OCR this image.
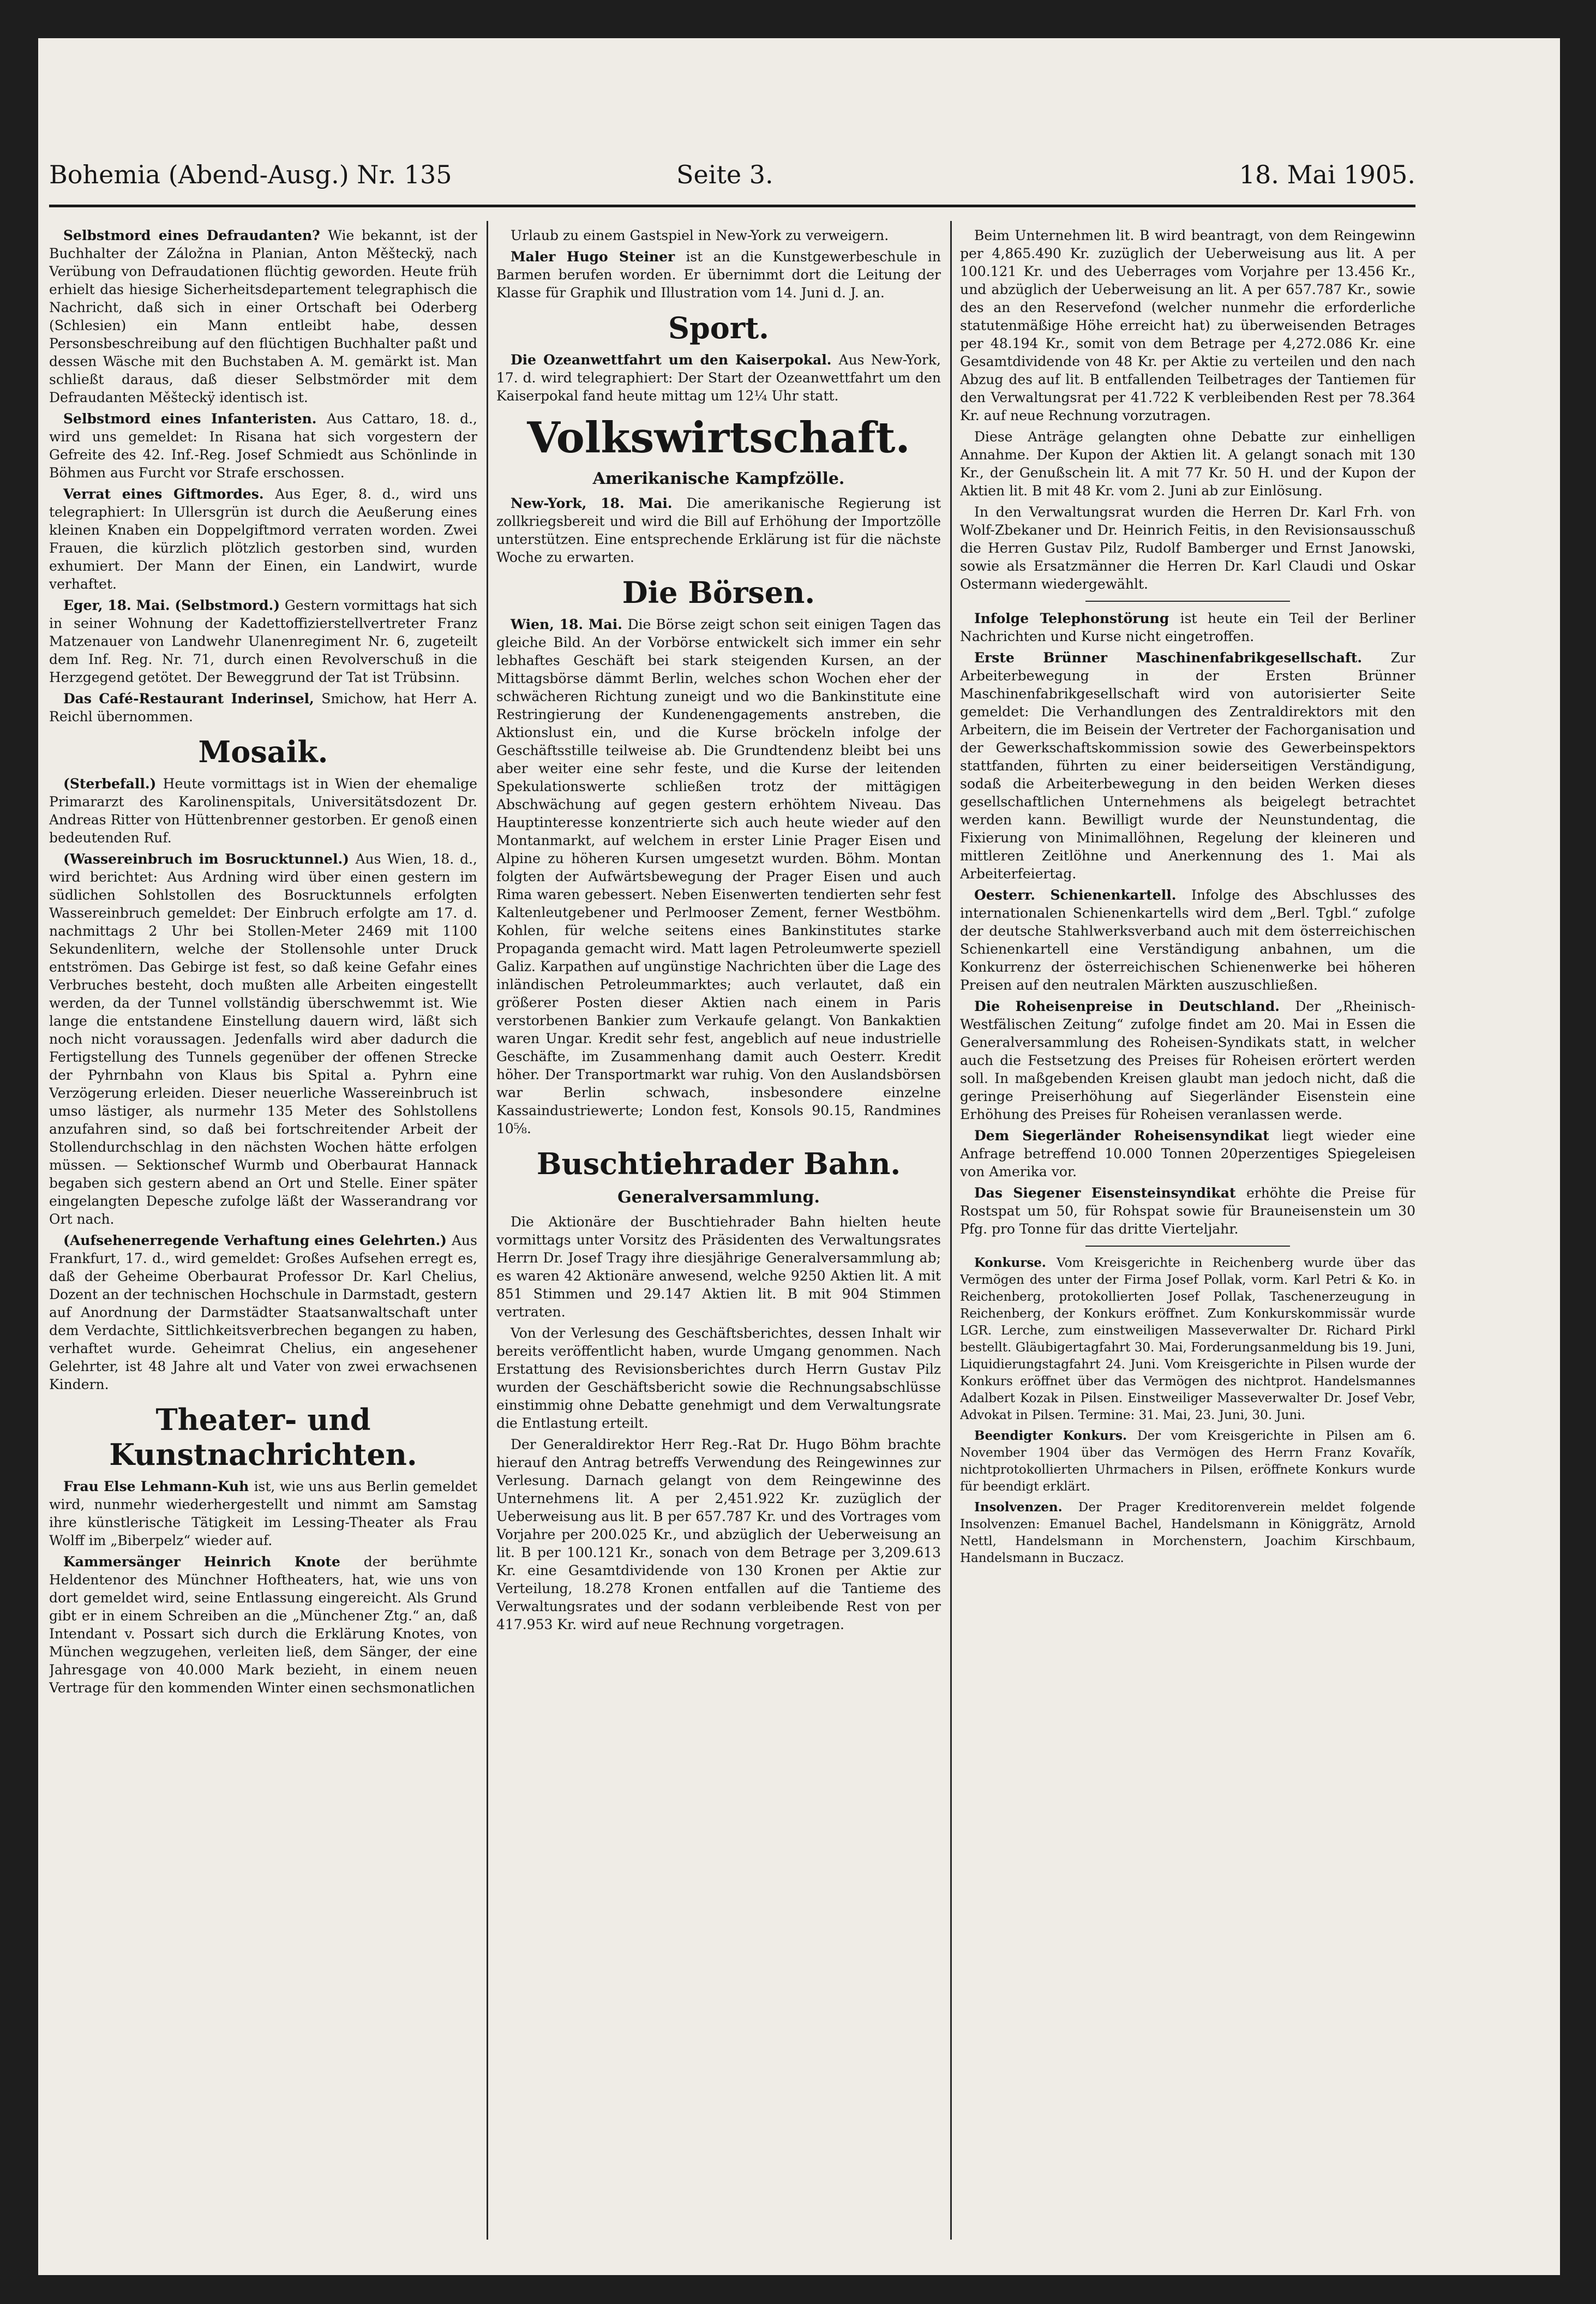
Bohemia (Abend-Ausg.) Nr. 135	Seite 3.	18. Mai 1905.

Selbstmord eines Defraudanten? Wie bekannt, ist der Buchhalter der Záložna in Planian, Anton Měšteckÿ, nach Verübung von Defraudationen flüchtig geworden. Heute früh erhielt das hiesige Sicherheitsdepartement telegraphisch die Nachricht, daß sich in einer Ortschaft bei Oderberg (Schlesien) ein Mann entleibt habe, dessen Personsbeschreibung auf den flüchtigen Buchhalter paßt und dessen Wäsche mit den Buchstaben A. M. gemärkt ist. Man schließt daraus, daß dieser Selbstmörder mit dem Defraudanten Měšteckÿ identisch ist.

Selbstmord eines Infanteristen. Aus Cattaro, 18. d., wird uns gemeldet: In Risana hat sich vorgestern der Gefreite des 42. Inf.-Reg. Josef Schmiedt aus Schönlinde in Böhmen aus Furcht vor Strafe erschossen.

Verrat eines Giftmordes. Aus Eger, 8. d., wird uns telegraphiert: In Ullersgrün ist durch die Aeußerung eines kleinen Knaben ein Doppelgiftmord verraten worden. Zwei Frauen, die kürzlich plötzlich gestorben sind, wurden exhumiert. Der Mann der Einen, ein Landwirt, wurde verhaftet.

Eger, 18. Mai. (Selbstmord.) Gestern vormittags hat sich in seiner Wohnung der Kadettoffizierstellvertreter Franz Matzenauer von Landwehr Ulanenregiment Nr. 6, zugeteilt dem Inf. Reg. Nr. 71, durch einen Revolverschuß in die Herzgegend getötet. Der Beweggrund der Tat ist Trübsinn.

Das Café-Restaurant Inderinsel, Smichow, hat Herr A. Reichl übernommen.

Mosaik.

(Sterbefall.) Heute vormittags ist in Wien der ehemalige Primararzt des Karolinenspitals, Universitätsdozent Dr. Andreas Ritter von Hüttenbrenner gestorben. Er genoß einen bedeutenden Ruf.

(Wassereinbruch im Bosrucktunnel.) Aus Wien, 18. d., wird berichtet: Aus Ardning wird über einen gestern im südlichen Sohlstollen des Bosrucktunnels erfolgten Wassereinbruch gemeldet: Der Einbruch erfolgte am 17. d. nachmittags 2 Uhr bei Stollen-Meter 2469 mit 1100 Sekundenlitern, welche der Stollensohle unter Druck entströmen. Das Gebirge ist fest, so daß keine Gefahr eines Verbruches besteht, doch mußten alle Arbeiten eingestellt werden, da der Tunnel vollständig überschwemmt ist. Wie lange die entstandene Einstellung dauern wird, läßt sich noch nicht voraussagen. Jedenfalls wird aber dadurch die Fertigstellung des Tunnels gegenüber der offenen Strecke der Pyhrnbahn von Klaus bis Spital a. Pyhrn eine Verzögerung erleiden. Dieser neuerliche Wassereinbruch ist umso lästiger, als nurmehr 135 Meter des Sohlstollens anzufahren sind, so daß bei fortschreitender Arbeit der Stollendurchschlag in den nächsten Wochen hätte erfolgen müssen. — Sektionschef Wurmb und Oberbaurat Hannack begaben sich gestern abend an Ort und Stelle. Einer später eingelangten Depesche zufolge läßt der Wasserandrang vor Ort nach.

(Aufsehenerregende Verhaftung eines Gelehrten.) Aus Frankfurt, 17. d., wird gemeldet: Großes Aufsehen erregt es, daß der Geheime Oberbaurat Professor Dr. Karl Chelius, Dozent an der technischen Hochschule in Darmstadt, gestern auf Anordnung der Darmstädter Staatsanwaltschaft unter dem Verdachte, Sittlichkeitsverbrechen begangen zu haben, verhaftet wurde. Geheimrat Chelius, ein angesehener Gelehrter, ist 48 Jahre alt und Vater von zwei erwachsenen Kindern.

Theater- und Kunstnachrichten.

Frau Else Lehmann-Kuh ist, wie uns aus Berlin gemeldet wird, nunmehr wiederhergestellt und nimmt am Samstag ihre künstlerische Tätigkeit im Lessing-Theater als Frau Wolff im „Biberpelz“ wieder auf.

Kammersänger Heinrich Knote der berühmte Heldentenor des Münchner Hoftheaters, hat, wie uns von dort gemeldet wird, seine Entlassung eingereicht. Als Grund gibt er in einem Schreiben an die „Münchener Ztg.“ an, daß Intendant v. Possart sich durch die Erklärung Knotes, von München wegzugehen, verleiten ließ, dem Sänger, der eine Jahresgage von 40.000 Mark bezieht, in einem neuen Vertrage für den kommenden Winter einen sechsmonatlichen

Urlaub zu einem Gastspiel in New-York zu verweigern.

Maler Hugo Steiner ist an die Kunstgewerbeschule in Barmen berufen worden. Er übernimmt dort die Leitung der Klasse für Graphik und Illustration vom 14. Juni d. J. an.

Sport.

Die Ozeanwettfahrt um den Kaiserpokal. Aus New-York, 17. d. wird telegraphiert: Der Start der Ozeanwettfahrt um den Kaiserpokal fand heute mittag um 12¼ Uhr statt.

Volkswirtschaft.
Amerikanische Kampfzölle.

New-York, 18. Mai. Die amerikanische Regierung ist zollkriegsbereit und wird die Bill auf Erhöhung der Importzölle unterstützen. Eine entsprechende Erklärung ist für die nächste Woche zu erwarten.

Die Börsen.

Wien, 18. Mai. Die Börse zeigt schon seit einigen Tagen das gleiche Bild. An der Vorbörse entwickelt sich immer ein sehr lebhaftes Geschäft bei stark steigenden Kursen, an der Mittagsbörse dämmt Berlin, welches schon Wochen eher der schwächeren Richtung zuneigt und wo die Bankinstitute eine Restringierung der Kundenengagements anstreben, die Aktionslust ein, und die Kurse bröckeln infolge der Geschäftsstille teilweise ab. Die Grundtendenz bleibt bei uns aber weiter eine sehr feste, und die Kurse der leitenden Spekulationswerte schließen trotz der mittägigen Abschwächung auf gegen gestern erhöhtem Niveau. Das Hauptinteresse konzentrierte sich auch heute wieder auf den Montanmarkt, auf welchem in erster Linie Prager Eisen und Alpine zu höheren Kursen umgesetzt wurden. Böhm. Montan folgten der Aufwärtsbewegung der Prager Eisen und auch Rima waren gebessert. Neben Eisenwerten tendierten sehr fest Kaltenleutgebener und Perlmooser Zement, ferner Westböhm. Kohlen, für welche seitens eines Bankinstitutes starke Propaganda gemacht wird. Matt lagen Petroleumwerte speziell Galiz. Karpathen auf ungünstige Nachrichten über die Lage des inländischen Petroleummarktes; auch verlautet, daß ein größerer Posten dieser Aktien nach einem in Paris verstorbenen Bankier zum Verkaufe gelangt. Von Bankaktien waren Ungar. Kredit sehr fest, angeblich auf neue industrielle Geschäfte, im Zusammenhang damit auch Oesterr. Kredit höher. Der Transportmarkt war ruhig. Von den Auslandsbörsen war Berlin schwach, insbesondere einzelne Kassaindustriewerte; London fest, Konsols 90.15, Randmines 10⅝.

Buschtiehrader Bahn.
Generalversammlung.

Die Aktionäre der Buschtiehrader Bahn hielten heute vormittags unter Vorsitz des Präsidenten des Verwaltungsrates Herrn Dr. Josef Tragy ihre diesjährige Generalversammlung ab; es waren 42 Aktionäre anwesend, welche 9250 Aktien lit. A mit 851 Stimmen und 29.147 Aktien lit. B mit 904 Stimmen vertraten.

Von der Verlesung des Geschäftsberichtes, dessen Inhalt wir bereits veröffentlicht haben, wurde Umgang genommen. Nach Erstattung des Revisionsberichtes durch Herrn Gustav Pilz wurden der Geschäftsbericht sowie die Rechnungsabschlüsse einstimmig ohne Debatte genehmigt und dem Verwaltungsrate die Entlastung erteilt.

Der Generaldirektor Herr Reg.-Rat Dr. Hugo Böhm brachte hierauf den Antrag betreffs Verwendung des Reingewinnes zur Verlesung. Darnach gelangt von dem Reingewinne des Unternehmens lit. A per 2,451.922 Kr. zuzüglich der Ueberweisung aus lit. B per 657.787 Kr. und des Vortrages vom Vorjahre per 200.025 Kr., und abzüglich der Ueberweisung an lit. B per 100.121 Kr., sonach von dem Betrage per 3,209.613 Kr. eine Gesamtdividende von 130 Kronen per Aktie zur Verteilung, 18.278 Kronen entfallen auf die Tantieme des Verwaltungsrates und der sodann verbleibende Rest von per 417.953 Kr. wird auf neue Rechnung vorgetragen.

Beim Unternehmen lit. B wird beantragt, von dem Reingewinn per 4,865.490 Kr. zuzüglich der Ueberweisung aus lit. A per 100.121 Kr. und des Ueberrages vom Vorjahre per 13.456 Kr., und abzüglich der Ueberweisung an lit. A per 657.787 Kr., sowie des an den Reservefond (welcher nunmehr die erforderliche statutenmäßige Höhe erreicht hat) zu überweisenden Betrages per 48.194 Kr., somit von dem Betrage per 4,272.086 Kr. eine Gesamtdividende von 48 Kr. per Aktie zu verteilen und den nach Abzug des auf lit. B entfallenden Teilbetrages der Tantiemen für den Verwaltungsrat per 41.722 K verbleibenden Rest per 78.364 Kr. auf neue Rechnung vorzutragen.

Diese Anträge gelangten ohne Debatte zur einhelligen Annahme. Der Kupon der Aktien lit. A gelangt sonach mit 130 Kr., der Genußschein lit. A mit 77 Kr. 50 H. und der Kupon der Aktien lit. B mit 48 Kr. vom 2. Juni ab zur Einlösung.

In den Verwaltungsrat wurden die Herren Dr. Karl Frh. von Wolf-Zbekaner und Dr. Heinrich Feitis, in den Revisionsausschuß die Herren Gustav Pilz, Rudolf Bamberger und Ernst Janowski, sowie als Ersatzmänner die Herren Dr. Karl Claudi und Oskar Ostermann wiedergewählt.

Infolge Telephonstörung ist heute ein Teil der Berliner Nachrichten und Kurse nicht eingetroffen.

Erste Brünner Maschinenfabrikgesellschaft. Zur Arbeiterbewegung in der Ersten Brünner Maschinenfabrikgesellschaft wird von autorisierter Seite gemeldet: Die Verhandlungen des Zentraldirektors mit den Arbeitern, die im Beisein der Vertreter der Fachorganisation und der Gewerkschaftskommission sowie des Gewerbeinspektors stattfanden, führten zu einer beiderseitigen Verständigung, sodaß die Arbeiterbewegung in den beiden Werken dieses gesellschaftlichen Unternehmens als beigelegt betrachtet werden kann. Bewilligt wurde der Neunstundentag, die Fixierung von Minimallöhnen, Regelung der kleineren und mittleren Zeitlöhne und Anerkennung des 1. Mai als Arbeiterfeiertag.

Oesterr. Schienenkartell. Infolge des Abschlusses des internationalen Schienenkartells wird dem „Berl. Tgbl.“ zufolge der deutsche Stahlwerksverband auch mit dem österreichischen Schienenkartell eine Verständigung anbahnen, um die Konkurrenz der österreichischen Schienenwerke bei höheren Preisen auf den neutralen Märkten auszuschließen.

Die Roheisenpreise in Deutschland. Der „Rheinisch-Westfälischen Zeitung“ zufolge findet am 20. Mai in Essen die Generalversammlung des Roheisen-Syndikats statt, in welcher auch die Festsetzung des Preises für Roheisen erörtert werden soll. In maßgebenden Kreisen glaubt man jedoch nicht, daß die geringe Preiserhöhung auf Siegerländer Eisenstein eine Erhöhung des Preises für Roheisen veranlassen werde.

Dem Siegerländer Roheisensyndikat liegt wieder eine Anfrage betreffend 10.000 Tonnen 20perzentiges Spiegeleisen von Amerika vor.

Das Siegener Eisensteinsyndikat erhöhte die Preise für Rostspat um 50, für Rohspat sowie für Brauneisenstein um 30 Pfg. pro Tonne für das dritte Vierteljahr.

Konkurse. Vom Kreisgerichte in Reichenberg wurde über das Vermögen des unter der Firma Josef Pollak, vorm. Karl Petri & Ko. in Reichenberg, protokollierten Josef Pollak, Taschenerzeugung in Reichenberg, der Konkurs eröffnet. Zum Konkurskommissär wurde LGR. Lerche, zum einstweiligen Masseverwalter Dr. Richard Pirkl bestellt. Gläubigertagfahrt 30. Mai, Forderungsanmeldung bis 19. Juni, Liquidierungstagfahrt 24. Juni. Vom Kreisgerichte in Pilsen wurde der Konkurs eröffnet über das Vermögen des nichtprot. Handelsmannes Adalbert Kozak in Pilsen. Einstweiliger Masseverwalter Dr. Josef Vebr, Advokat in Pilsen. Termine: 31. Mai, 23. Juni, 30. Juni.

Beendigter Konkurs. Der vom Kreisgerichte in Pilsen am 6. November 1904 über das Vermögen des Herrn Franz Kovařík, nichtprotokollierten Uhrmachers in Pilsen, eröffnete Konkurs wurde für beendigt erklärt.

Insolvenzen. Der Prager Kreditorenverein meldet folgende Insolvenzen: Emanuel Bachel, Handelsmann in Königgrätz, Arnold Nettl, Handelsmann in Morchenstern, Joachim Kirschbaum, Handelsmann in Buczacz.
